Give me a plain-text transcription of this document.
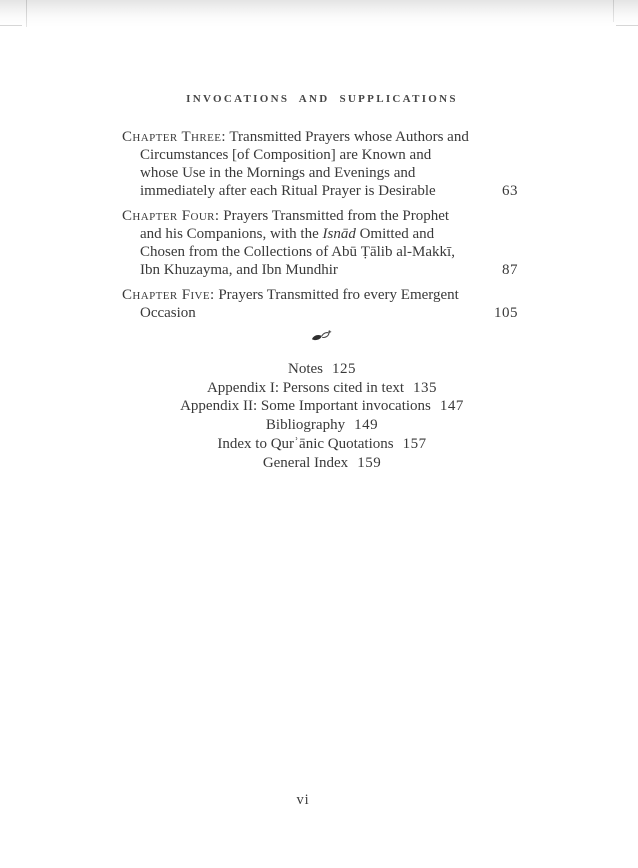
INVOCATIONS AND SUPPLICATIONS
Chapter Three: Transmitted Prayers whose Authors and
Circumstances [of Composition] are Known and
whose Use in the Mornings and Evenings and
immediately after each Ritual Prayer is Desirable	63
Chapter Four: Prayers Transmitted from the Prophet
and his Companions, with the Isnād Omitted and
Chosen from the Collections of Abū Ṭālib al-Makkī,
Ibn Khuzayma, and Ibn Mundhir	87
Chapter Five: Prayers Transmitted fro every Emergent
Occasion	105
Notes 125
Appendix I: Persons cited in text 135
Appendix II: Some Important invocations 147
Bibliography 149
Index to Qurʾānic Quotations 157
General Index 159
vi
